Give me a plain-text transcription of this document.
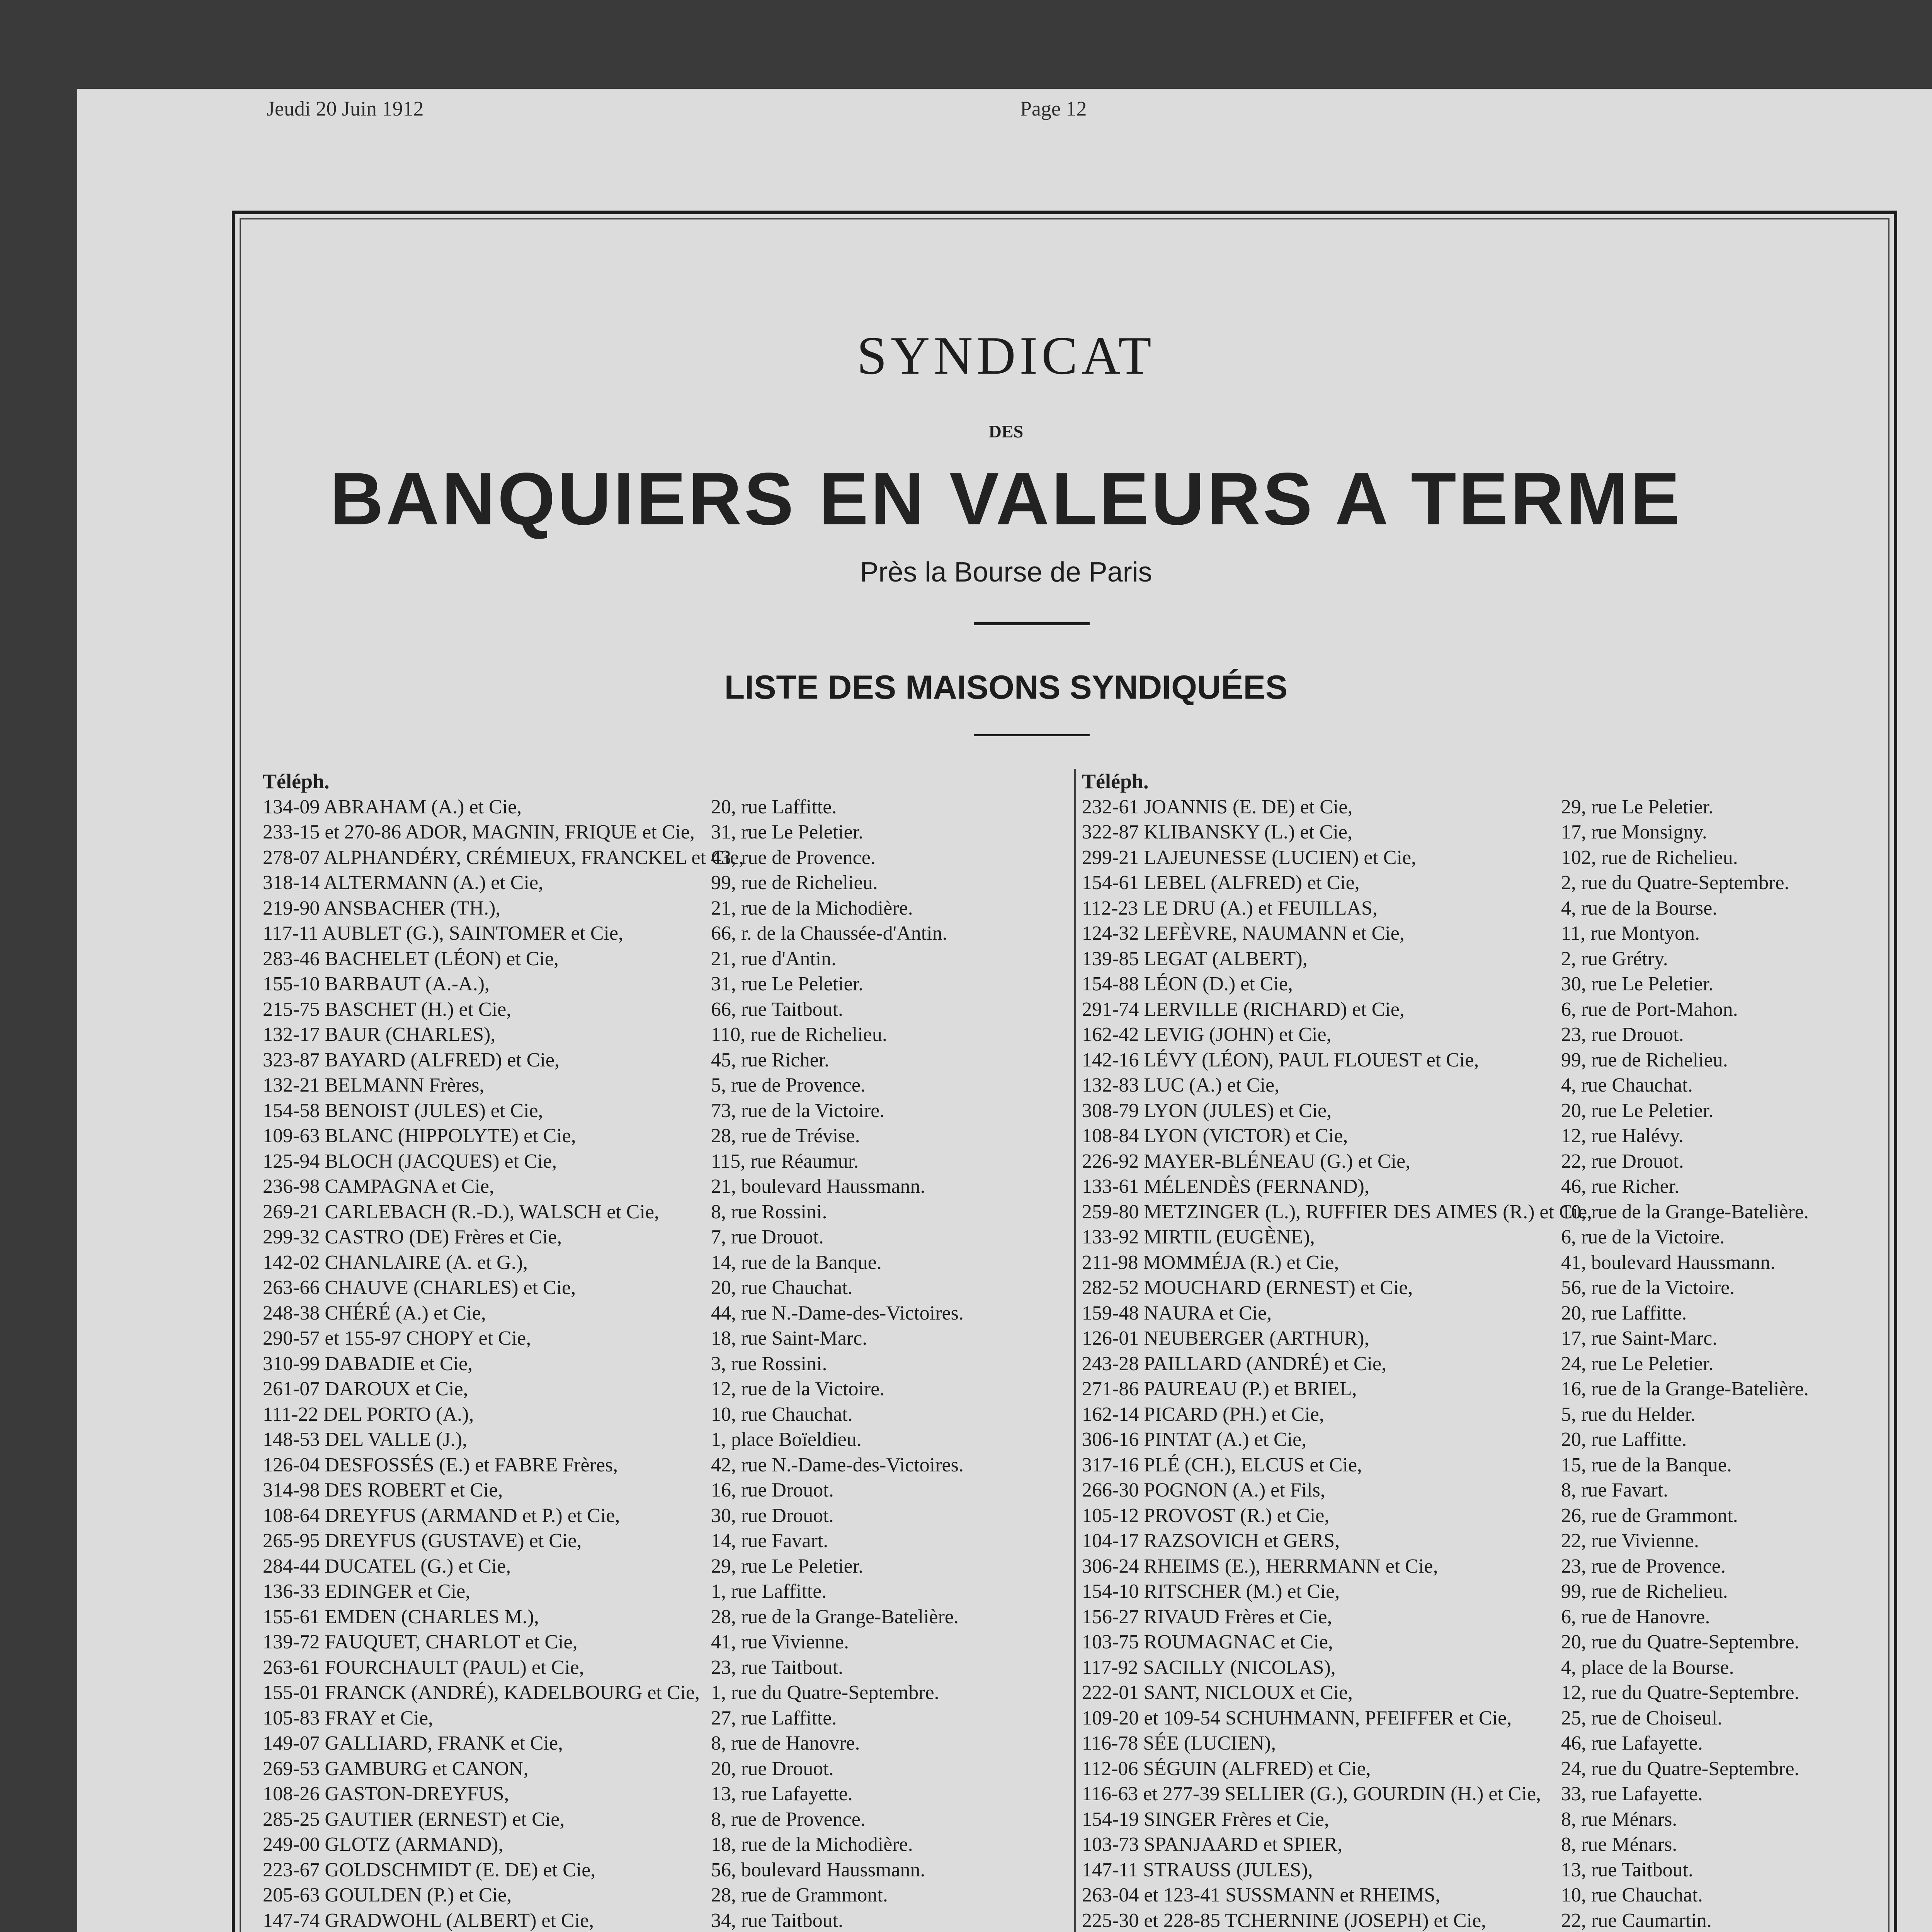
Jeudi 20 Juin 1912	Page 12
SYNDICAT
DES
BANQUIERS EN VALEURS A TERME
Près la Bourse de Paris
LISTE DES MAISONS SYNDIQUÉES
Téléph.
134-09 ABRAHAM (A.) et Cie,	20, rue Laffitte.
233-15 et 270-86 ADOR, MAGNIN, FRIQUE et Cie, 31, rue Le Peletier.
278-07 ALPHANDÉRY, CRÉMIEUX, FRANCKEL et Cie,
43, rue de Provence.
318-14 ALTERMANN (A.) et Cie,	99, rue de Richelieu.
219-90 ANSBACHER (TH.),	21, rue de la Michodière.
117-11 AUBLET (G.), SAINTOMER et Cie,	66, r. de la Chaussée-d'Antin.
283-46 BACHELET (LÉON) et Cie,	21, rue d'Antin.
155-10 BARBAUT (A.-A.),	31, rue Le Peletier.
215-75 BASCHET (H.) et Cie,	66, rue Taitbout.
132-17 BAUR (CHARLES),	110, rue de Richelieu.
323-87 BAYARD (ALFRED) et Cie,	45, rue Richer.
132-21 BELMANN Frères,	5, rue de Provence.
154-58 BENOIST (JULES) et Cie,	73, rue de la Victoire.
109-63 BLANC (HIPPOLYTE) et Cie,	28, rue de Trévise.
125-94 BLOCH (JACQUES) et Cie,	115, rue Réaumur.
236-98 CAMPAGNA et Cie,	21, boulevard Haussmann.
269-21 CARLEBACH (R.-D.), WALSCH et Cie,	8, rue Rossini.
299-32 CASTRO (DE) Frères et Cie,	7, rue Drouot.
142-02 CHANLAIRE (A. et G.),	14, rue de la Banque.
263-66 CHAUVE (CHARLES) et Cie,	20, rue Chauchat.
248-38 CHÉRÉ (A.) et Cie,	44, rue N.-Dame-des-Victoires.
290-57 et 155-97 CHOPY et Cie,	18, rue Saint-Marc.
310-99 DABADIE et Cie,	3, rue Rossini.
261-07 DAROUX et Cie,	12, rue de la Victoire.
111-22 DEL PORTO (A.),	10, rue Chauchat.
148-53 DEL VALLE (J.),	1, place Boïeldieu.
126-04 DESFOSSÉS (E.) et FABRE Frères,	42, rue N.-Dame-des-Victoires.
314-98 DES ROBERT et Cie,	16, rue Drouot.
108-64 DREYFUS (ARMAND et P.) et Cie,	30, rue Drouot.
265-95 DREYFUS (GUSTAVE) et Cie,	14, rue Favart.
284-44 DUCATEL (G.) et Cie,	29, rue Le Peletier.
136-33 EDINGER et Cie,	1, rue Laffitte.
155-61 EMDEN (CHARLES M.),	28, rue de la Grange-Batelière.
139-72 FAUQUET, CHARLOT et Cie,	41, rue Vivienne.
263-61 FOURCHAULT (PAUL) et Cie,	23, rue Taitbout.
155-01 FRANCK (ANDRÉ), KADELBOURG et Cie, 1, rue du Quatre-Septembre.
105-83 FRAY et Cie,	27, rue Laffitte.
149-07 GALLIARD, FRANK et Cie,	8, rue de Hanovre.
269-53 GAMBURG et CANON,	20, rue Drouot.
108-26 GASTON-DREYFUS,	13, rue Lafayette.
285-25 GAUTIER (ERNEST) et Cie,	8, rue de Provence.
249-00 GLOTZ (ARMAND),	18, rue de la Michodière.
223-67 GOLDSCHMIDT (E. DE) et Cie,	56, boulevard Haussmann.
205-63 GOULDEN (P.) et Cie,	28, rue de Grammont.
147-74 GRADWOHL (ALBERT) et Cie,	34, rue Taitbout.
Téléph.
232-61 JOANNIS (E. DE) et Cie,	29, rue Le Peletier.
322-87 KLIBANSKY (L.) et Cie,	17, rue Monsigny.
299-21 LAJEUNESSE (LUCIEN) et Cie,	102, rue de Richelieu.
154-61 LEBEL (ALFRED) et Cie,	2, rue du Quatre-Septembre.
112-23 LE DRU (A.) et FEUILLAS,	4, rue de la Bourse.
124-32 LEFÈVRE, NAUMANN et Cie,	11, rue Montyon.
139-85 LEGAT (ALBERT),	2, rue Grétry.
154-88 LÉON (D.) et Cie,	30, rue Le Peletier.
291-74 LERVILLE (RICHARD) et Cie,	6, rue de Port-Mahon.
162-42 LEVIG (JOHN) et Cie,	23, rue Drouot.
142-16 LÉVY (LÉON), PAUL FLOUEST et Cie,	99, rue de Richelieu.
132-83 LUC (A.) et Cie,	4, rue Chauchat.
308-79 LYON (JULES) et Cie,	20, rue Le Peletier.
108-84 LYON (VICTOR) et Cie,	12, rue Halévy.
226-92 MAYER-BLÉNEAU (G.) et Cie,	22, rue Drouot.
133-61 MÉLENDÈS (FERNAND),	46, rue Richer.
259-80 METZINGER (L.), RUFFIER DES AIMES (R.) et Cie,
10, rue de la Grange-Batelière.
133-92 MIRTIL (EUGÈNE),	6, rue de la Victoire.
211-98 MOMMÉJA (R.) et Cie,	41, boulevard Haussmann.
282-52 MOUCHARD (ERNEST) et Cie,	56, rue de la Victoire.
159-48 NAURA et Cie,	20, rue Laffitte.
126-01 NEUBERGER (ARTHUR),	17, rue Saint-Marc.
243-28 PAILLARD (ANDRÉ) et Cie,	24, rue Le Peletier.
271-86 PAUREAU (P.) et BRIEL,	16, rue de la Grange-Batelière.
162-14 PICARD (PH.) et Cie,	5, rue du Helder.
306-16 PINTAT (A.) et Cie,	20, rue Laffitte.
317-16 PLÉ (CH.), ELCUS et Cie,	15, rue de la Banque.
266-30 POGNON (A.) et Fils,	8, rue Favart.
105-12 PROVOST (R.) et Cie,	26, rue de Grammont.
104-17 RAZSOVICH et GERS,	22, rue Vivienne.
306-24 RHEIMS (E.), HERRMANN et Cie,	23, rue de Provence.
154-10 RITSCHER (M.) et Cie,	99, rue de Richelieu.
156-27 RIVAUD Frères et Cie,	6, rue de Hanovre.
103-75 ROUMAGNAC et Cie,	20, rue du Quatre-Septembre.
117-92 SACILLY (NICOLAS),	4, place de la Bourse.
222-01 SANT, NICLOUX et Cie,	12, rue du Quatre-Septembre.
109-20 et 109-54 SCHUHMANN, PFEIFFER et Cie, 25, rue de Choiseul.
116-78 SÉE (LUCIEN),	46, rue Lafayette.
112-06 SÉGUIN (ALFRED) et Cie,	24, rue du Quatre-Septembre.
116-63 et 277-39 SELLIER (G.), GOURDIN (H.) et Cie, 33, rue Lafayette.
154-19 SINGER Frères et Cie,	8, rue Ménars.
103-73 SPANJAARD et SPIER,	8, rue Ménars.
147-11 STRAUSS (JULES),	13, rue Taitbout.
263-04 et 123-41 SUSSMANN et RHEIMS,	10, rue Chauchat.
225-30 et 228-85 TCHERNINE (JOSEPH) et Cie,	22, rue Caumartin.
